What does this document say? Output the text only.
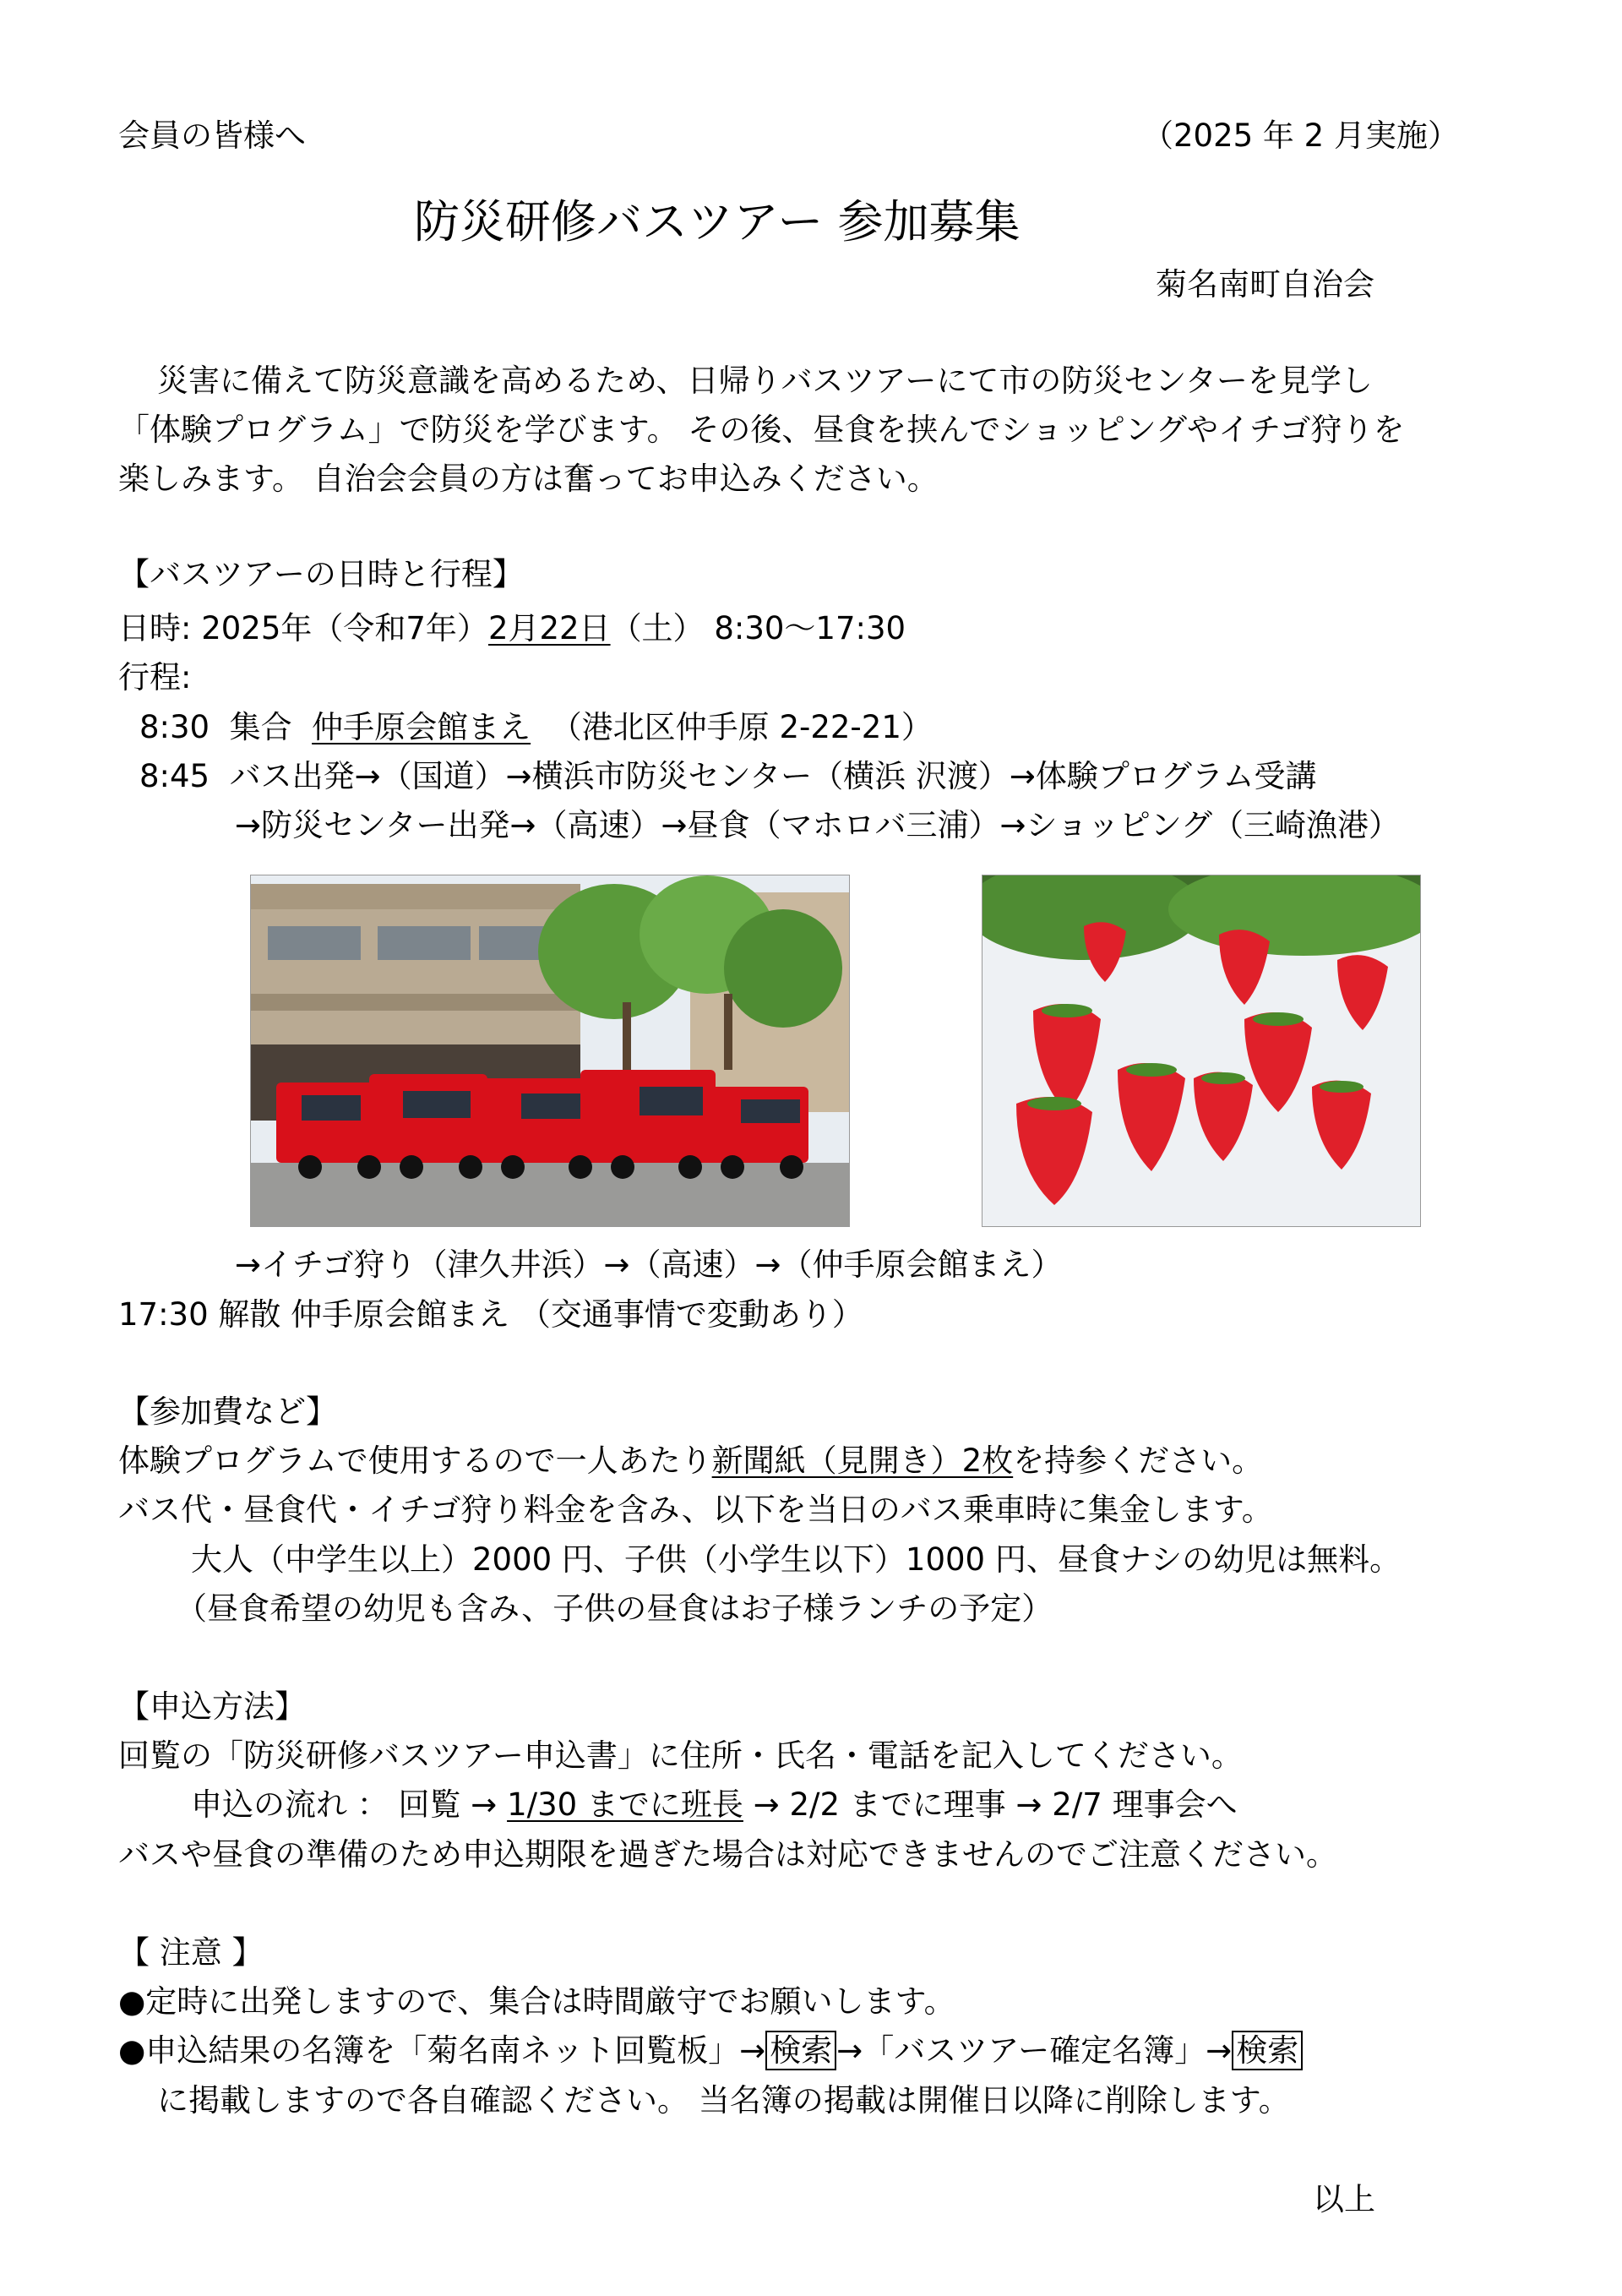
会員の皆様へ	（2025 年 2 月実施）
防災研修バスツアー 参加募集
菊名南町自治会
災害に備えて防災意識を高めるため、日帰りバスツアーにて市の防災センターを見学し
「体験プログラム」で防災を学びます。 その後、昼食を挟んでショッピングやイチゴ狩りを
楽しみます。 自治会会員の方は奮ってお申込みください。
【バスツアーの日時と行程】
日時: 2025年（令和7年）2月22日（土） 8:30〜17:30
行程:
8:30 集合 仲手原会館まえ （港北区仲手原 2-22-21）
8:45 バス出発→（国道）→横浜市防災センター（横浜 沢渡）→体験プログラム受講
→防災センター出発→（高速）→昼食（マホロバ三浦）→ショッピング（三崎漁港）
→イチゴ狩り（津久井浜）→（高速）→（仲手原会館まえ）
17:30 解散 仲手原会館まえ （交通事情で変動あり）
【参加費など】
体験プログラムで使用するので一人あたり新聞紙（見開き）2枚を持参ください。
バス代・昼食代・イチゴ狩り料金を含み、以下を当日のバス乗車時に集金します。
大人（中学生以上）2000 円、子供（小学生以下）1000 円、昼食ナシの幼児は無料。
（昼食希望の幼児も含み、子供の昼食はお子様ランチの予定）
【申込方法】
回覧の「防災研修バスツアー申込書」に住所・氏名・電話を記入してください。
申込の流れ ： 回覧 → 1/30 までに班長 → 2/2 までに理事 → 2/7 理事会へ
バスや昼食の準備のため申込期限を過ぎた場合は対応できませんのでご注意ください。
【 注意 】
●定時に出発しますので、集合は時間厳守でお願いします。
●申込結果の名簿を「菊名南ネット回覧板」→ 検索 →「バスツアー確定名簿」→ 検索
に掲載しますので各自確認ください。 当名簿の掲載は開催日以降に削除します。
以上
